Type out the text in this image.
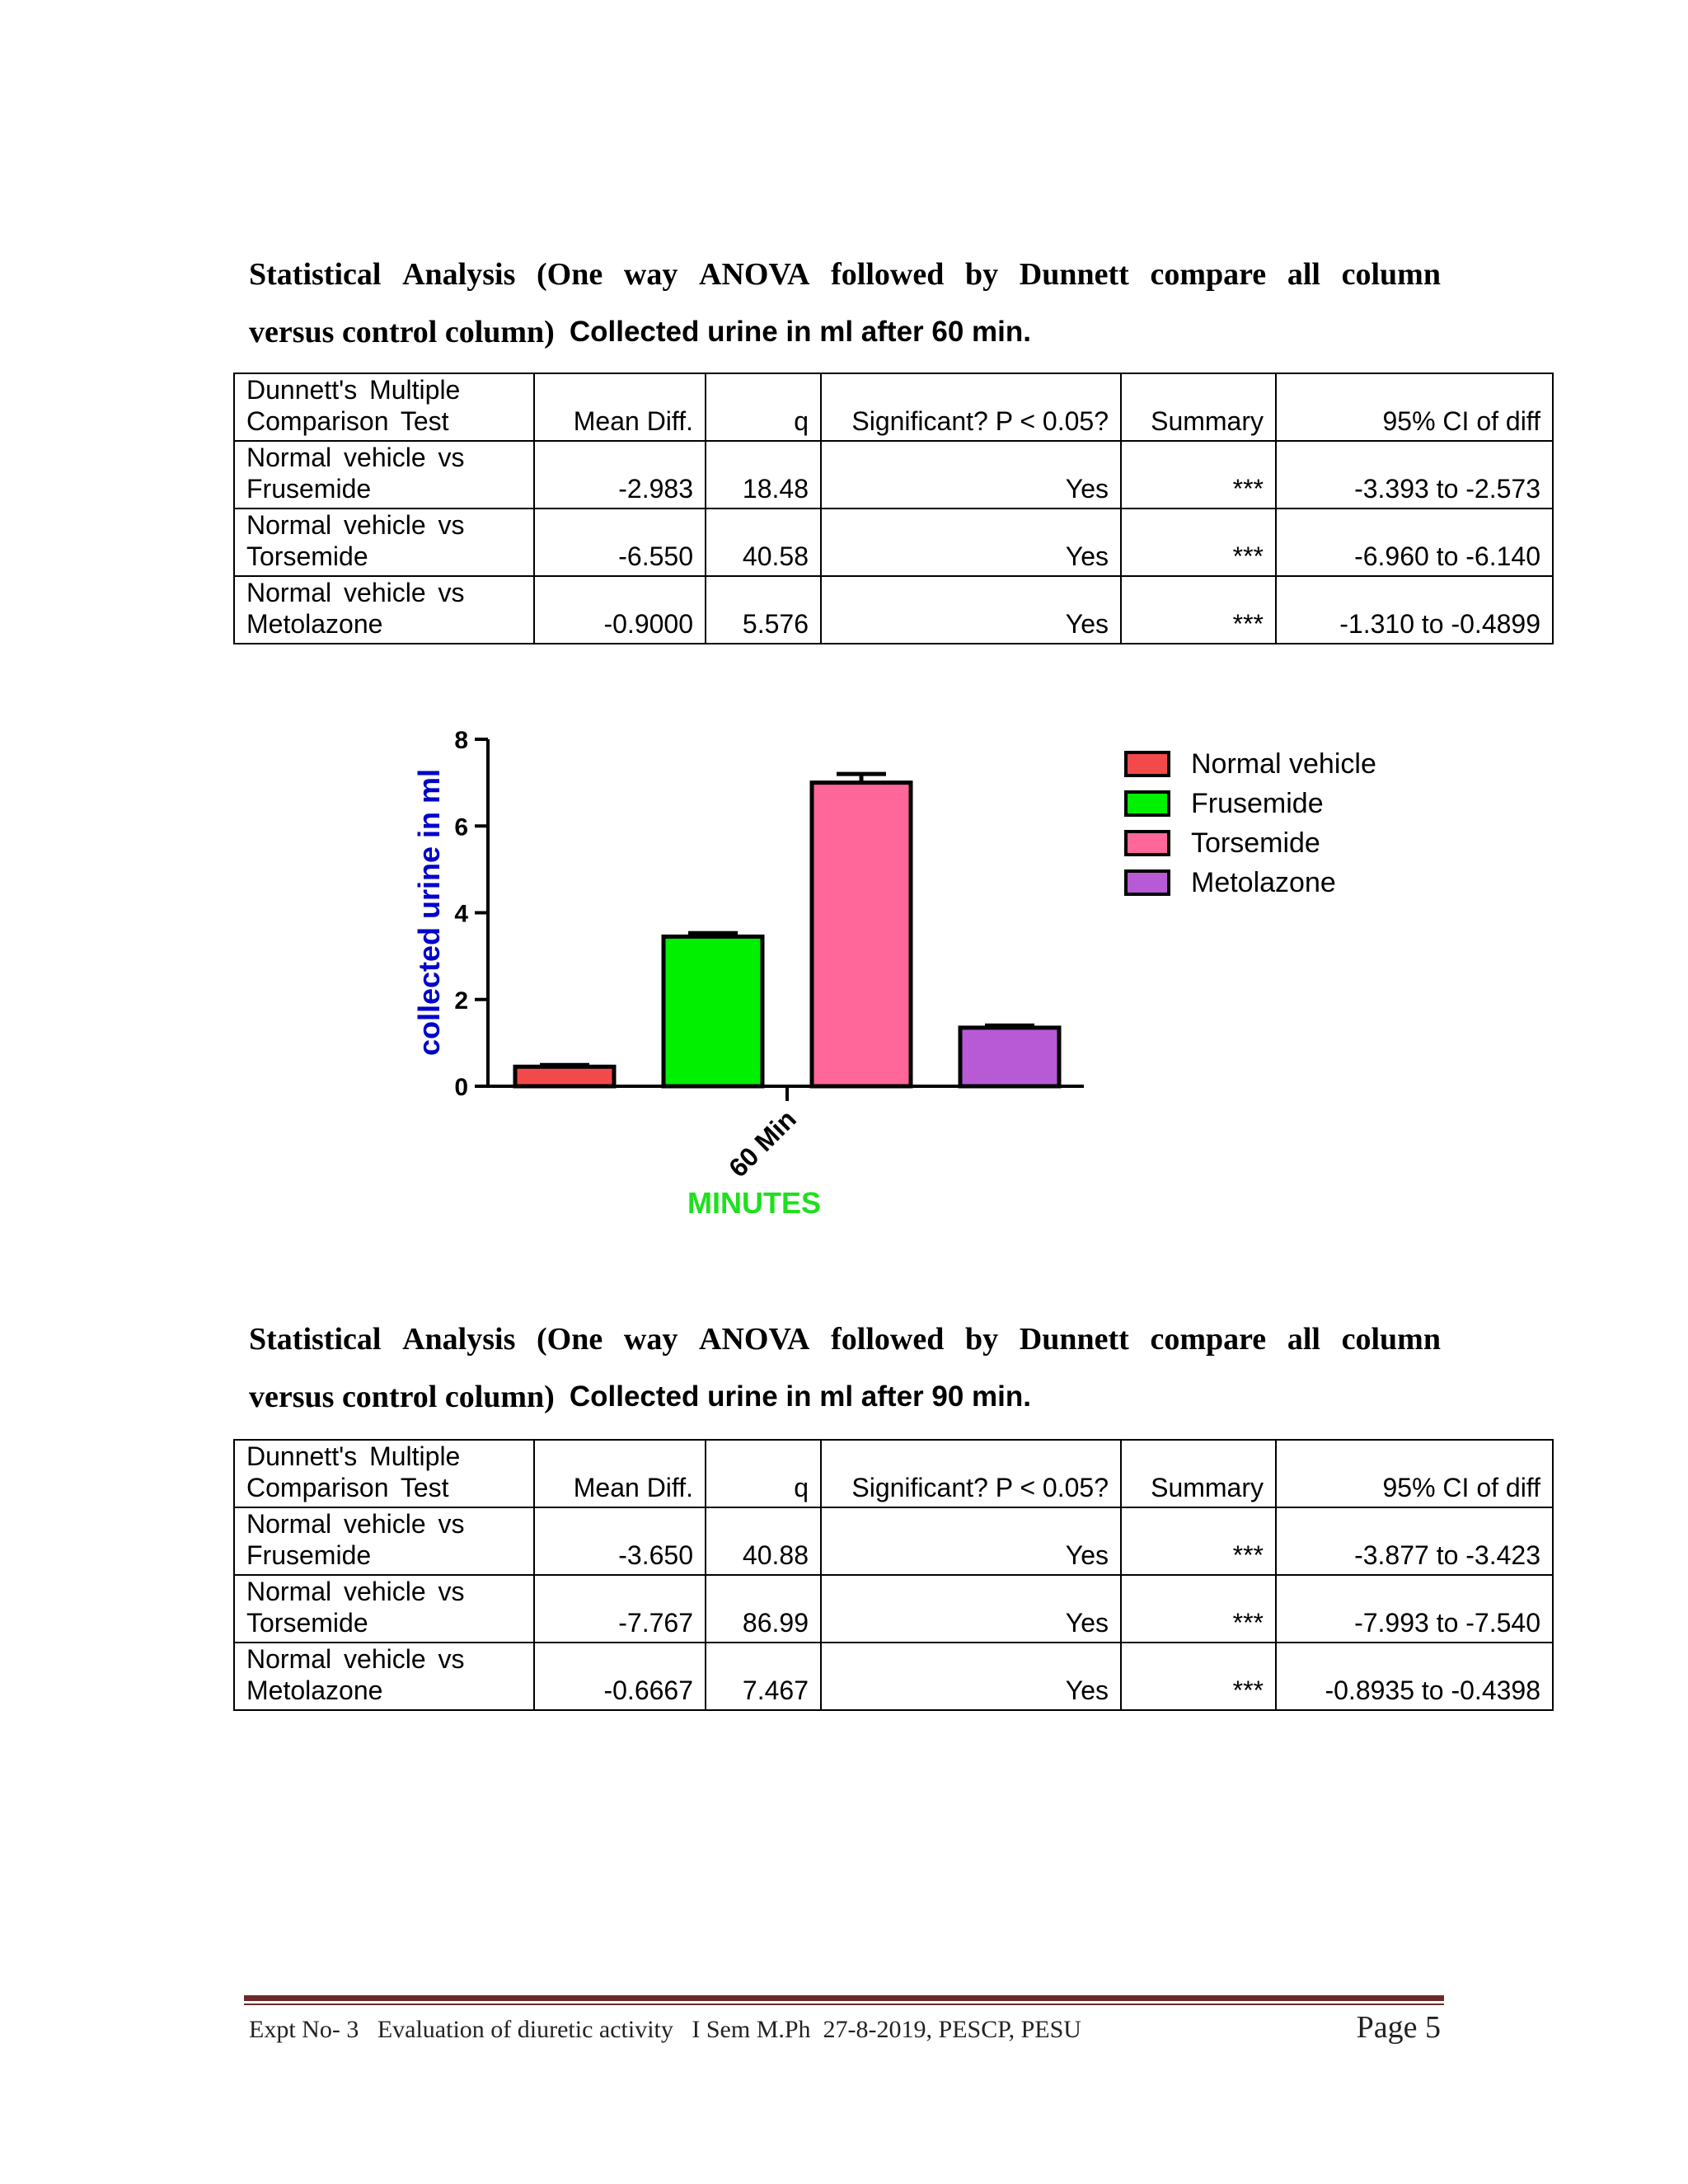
Statistical Analysis (One way ANOVA followed by Dunnett compare all column
versus control column) Collected urine in ml after 60 min.
Dunnett's Multiple
Comparison Test	Mean Diff.	q	Significant? P < 0.05?	Summary	95% CI of diff
Normal vehicle vs
Frusemide	-2.983	18.48	Yes	***	-3.393 to -2.573
Normal vehicle vs
Torsemide	-6.550	40.58	Yes	***	-6.960 to -6.140
Normal vehicle vs
Metolazone	-0.9000	5.576	Yes	***	-1.310 to -0.4899
0
2
4
6
8
collected urine in ml
60 Min
MINUTES
Normal vehicle
Frusemide
Torsemide
Metolazone
Statistical Analysis (One way ANOVA followed by Dunnett compare all column
versus control column) Collected urine in ml after 90 min.
Dunnett's Multiple
Comparison Test	Mean Diff.	q	Significant? P < 0.05?	Summary	95% CI of diff
Normal vehicle vs
Frusemide	-3.650	40.88	Yes	***	-3.877 to -3.423
Normal vehicle vs
Torsemide	-7.767	86.99	Yes	***	-7.993 to -7.540
Normal vehicle vs
Metolazone	-0.6667	7.467	Yes	***	-0.8935 to -0.4398
Expt No- 3   Evaluation of diuretic activity   I Sem M.Ph  27-8-2019, PESCP, PESU	Page 5
